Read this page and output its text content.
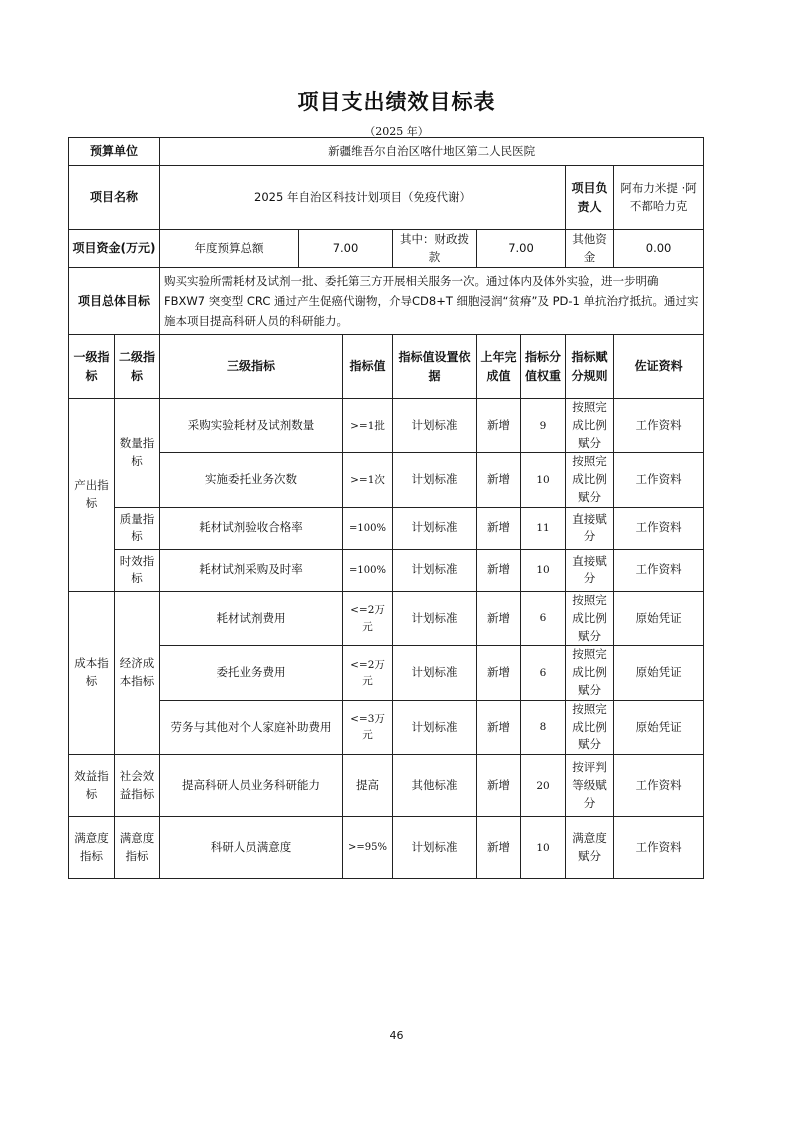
项目支出绩效目标表
（2025 年）
预算单位		新疆维吾尔自治区喀什地区第二人民医院							
项目名称		2025 年自治区科技计划项目（免疫代谢）						项目负责人	阿布力米提 ·阿不都哈力克
项目资金(万元)		年度预算总额	7.00		其中：财政拨款	7.00		其他资金	0.00
项目总体目标		购买实验所需耗材及试剂一批、委托第三方开展相关服务一次。通过体内及体外实验，进一步明确 FBXW7 突变型 CRC 通过产生促癌代谢物，介导CD8+T 细胞浸润“贫瘠”及 PD-1 单抗治疗抵抗。通过实施本项目提高科研人员的科研能力。							
一级指标	二级指标	三级指标		指标值	指标值设置依据	上年完成值	指标分值权重	指标赋分规则	佐证资料
产出指标	数量指标	采购实验耗材及试剂数量		>=1批	计划标准	新增	9	按照完成比例赋分	工作资料
		实施委托业务次数		>=1次	计划标准	新增	10	按照完成比例赋分	工作资料
	质量指标	耗材试剂验收合格率		=100%	计划标准	新增	11	直接赋分	工作资料
	时效指标	耗材试剂采购及时率		=100%	计划标准	新增	10	直接赋分	工作资料
成本指标	经济成本指标	耗材试剂费用		<=2万元	计划标准	新增	6	按照完成比例赋分	原始凭证
		委托业务费用		<=2万元	计划标准	新增	6	按照完成比例赋分	原始凭证
		劳务与其他对个人家庭补助费用		<=3万元	计划标准	新增	8	按照完成比例赋分	原始凭证
效益指标	社会效益指标	提高科研人员业务科研能力		提高	其他标准	新增	20	按评判等级赋分	工作资料
满意度指标	满意度指标	科研人员满意度		>=95%	计划标准	新增	10	满意度赋分	工作资料
46
